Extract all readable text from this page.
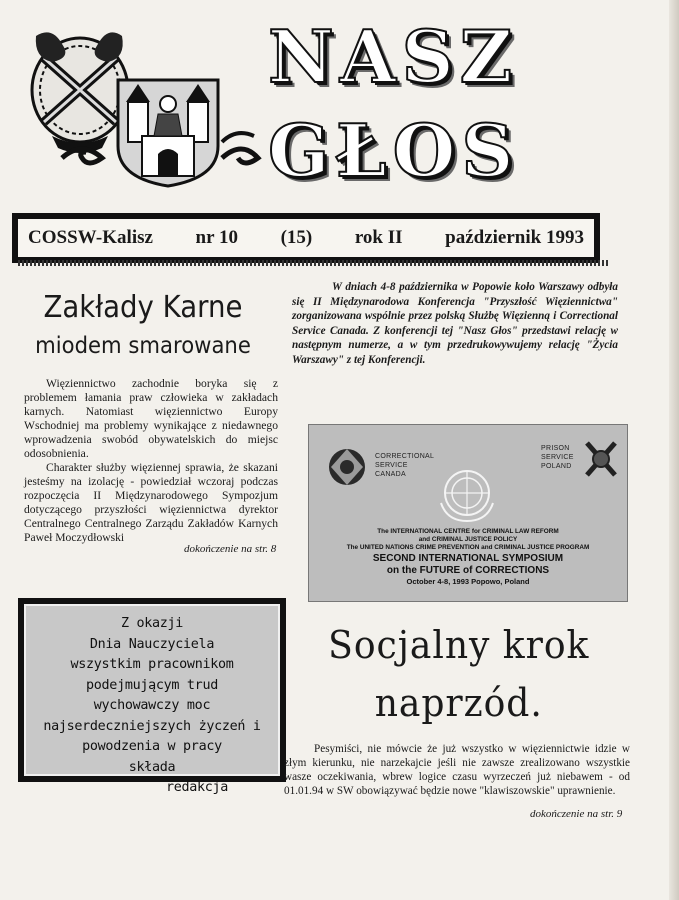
NASZ
GŁOS
COSSW-Kalisz nr 10 (15) rok II październik 1993
Zakłady Karne
miodem smarowane

Więziennictwo zachodnie boryka się z problemem łamania praw człowieka w zakładach karnych. Natomiast więziennictwo Europy Wschodniej ma problemy wynikające z niedawnego wprowadzenia swobód obywatelskich do miejsc odosobnienia.

Charakter służby więziennej sprawia, że skazani jesteśmy na izolację - powiedział wczoraj podczas rozpoczęcia II Międzynarodowego Sympozjum dotyczącego przyszłości więziennictwa dyrektor Centralnego Centralnego Zarządu Zakładów Karnych Paweł Moczydłowski

dokończenie na str. 8
W dniach 4-8 października w Popowie koło Warszawy odbyła się II Międzynarodowa Konferencja "Przyszłość Więziennictwa" zorganizowana wspólnie przez polską Służbę Więzienną i Correctional Service Canada. Z konferencji tej "Nasz Głos" przedstawi relację w następnym numerze, a w tym przedrukowywujemy relację "Życia Warszawy" z tej Konferencji.
CORRECTIONAL
SERVICE
CANADA
PRISON
SERVICE
POLAND
The INTERNATIONAL CENTRE for CRIMINAL LAW REFORM
and CRIMINAL JUSTICE POLICY
The UNITED NATIONS CRIME PREVENTION and CRIMINAL JUSTICE PROGRAM
SECOND INTERNATIONAL SYMPOSIUM
on the FUTURE of CORRECTIONS
October 4-8, 1993 Popowo, Poland
Z okazji
Dnia Nauczyciela
wszystkim pracownikom
podejmującym trud
wychowawczy moc
najserdeczniejszych życzeń i
powodzenia w pracy
składa
redakcja
Socjalny krok
naprzód.

Pesymiści, nie mówcie że już wszystko w więziennictwie idzie w złym kierunku, nie narzekajcie jeśli nie zawsze zrealizowano wszystkie wasze oczekiwania, wbrew logice czasu wyrzeczeń już niebawem - od 01.01.94 w SW obowiązywać będzie nowe "klawiszowskie" uprawnienie.

dokończenie na str. 9
